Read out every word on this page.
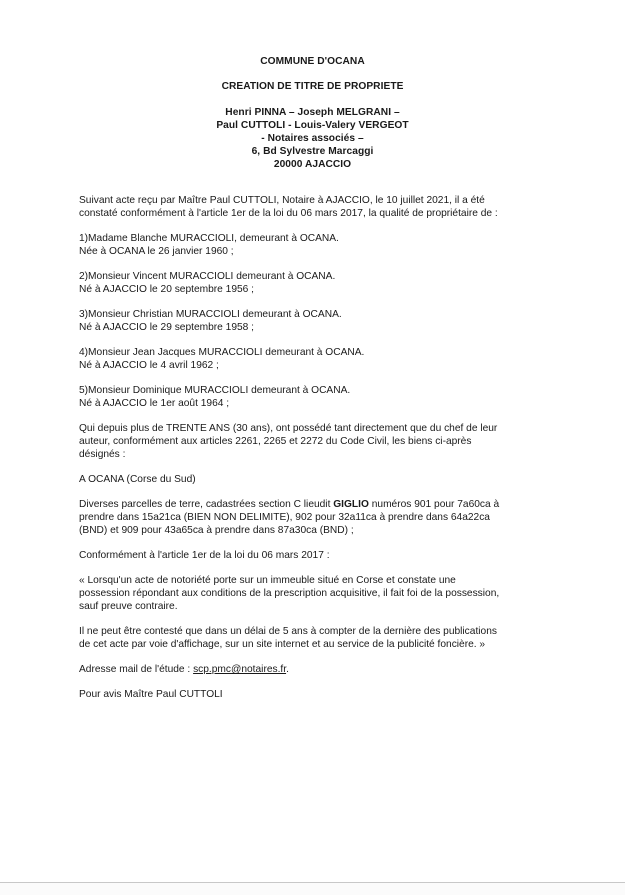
COMMUNE D'OCANA
CREATION DE TITRE DE PROPRIETE
Henri PINNA – Joseph MELGRANI –
Paul CUTTOLI - Louis-Valery VERGEOT
- Notaires associés –
6, Bd Sylvestre Marcaggi
20000 AJACCIO

Suivant acte reçu par Maître Paul CUTTOLI, Notaire à AJACCIO, le 10 juillet 2021, il a été
constaté conformément à l'article 1er de la loi du 06 mars 2017, la qualité de propriétaire de :

1)Madame Blanche MURACCIOLI, demeurant à OCANA.
Née à OCANA le 26 janvier 1960 ;

2)Monsieur Vincent MURACCIOLI demeurant à OCANA.
Né à AJACCIO le 20 septembre 1956 ;

3)Monsieur Christian MURACCIOLI demeurant à OCANA.
Né à AJACCIO le 29 septembre 1958 ;

4)Monsieur Jean Jacques MURACCIOLI demeurant à OCANA.
Né à AJACCIO le 4 avril 1962 ;

5)Monsieur Dominique MURACCIOLI demeurant à OCANA.
Né à AJACCIO le 1er août 1964 ;

Qui depuis plus de TRENTE ANS (30 ans), ont possédé tant directement que du chef de leur
auteur, conformément aux articles 2261, 2265 et 2272 du Code Civil, les biens ci-après
désignés :

A OCANA (Corse du Sud)

Diverses parcelles de terre, cadastrées section C lieudit GIGLIO numéros 901 pour 7a60ca à
prendre dans 15a21ca (BIEN NON DELIMITE), 902 pour 32a11ca à prendre dans 64a22ca
(BND) et 909 pour 43a65ca à prendre dans 87a30ca (BND) ;

Conformément à l'article 1er de la loi du 06 mars 2017 :

« Lorsqu'un acte de notoriété porte sur un immeuble situé en Corse et constate une
possession répondant aux conditions de la prescription acquisitive, il fait foi de la possession,
sauf preuve contraire.

Il ne peut être contesté que dans un délai de 5 ans à compter de la dernière des publications
de cet acte par voie d'affichage, sur un site internet et au service de la publicité foncière. »

Adresse mail de l'étude : scp.pmc@notaires.fr.

Pour avis Maître Paul CUTTOLI
